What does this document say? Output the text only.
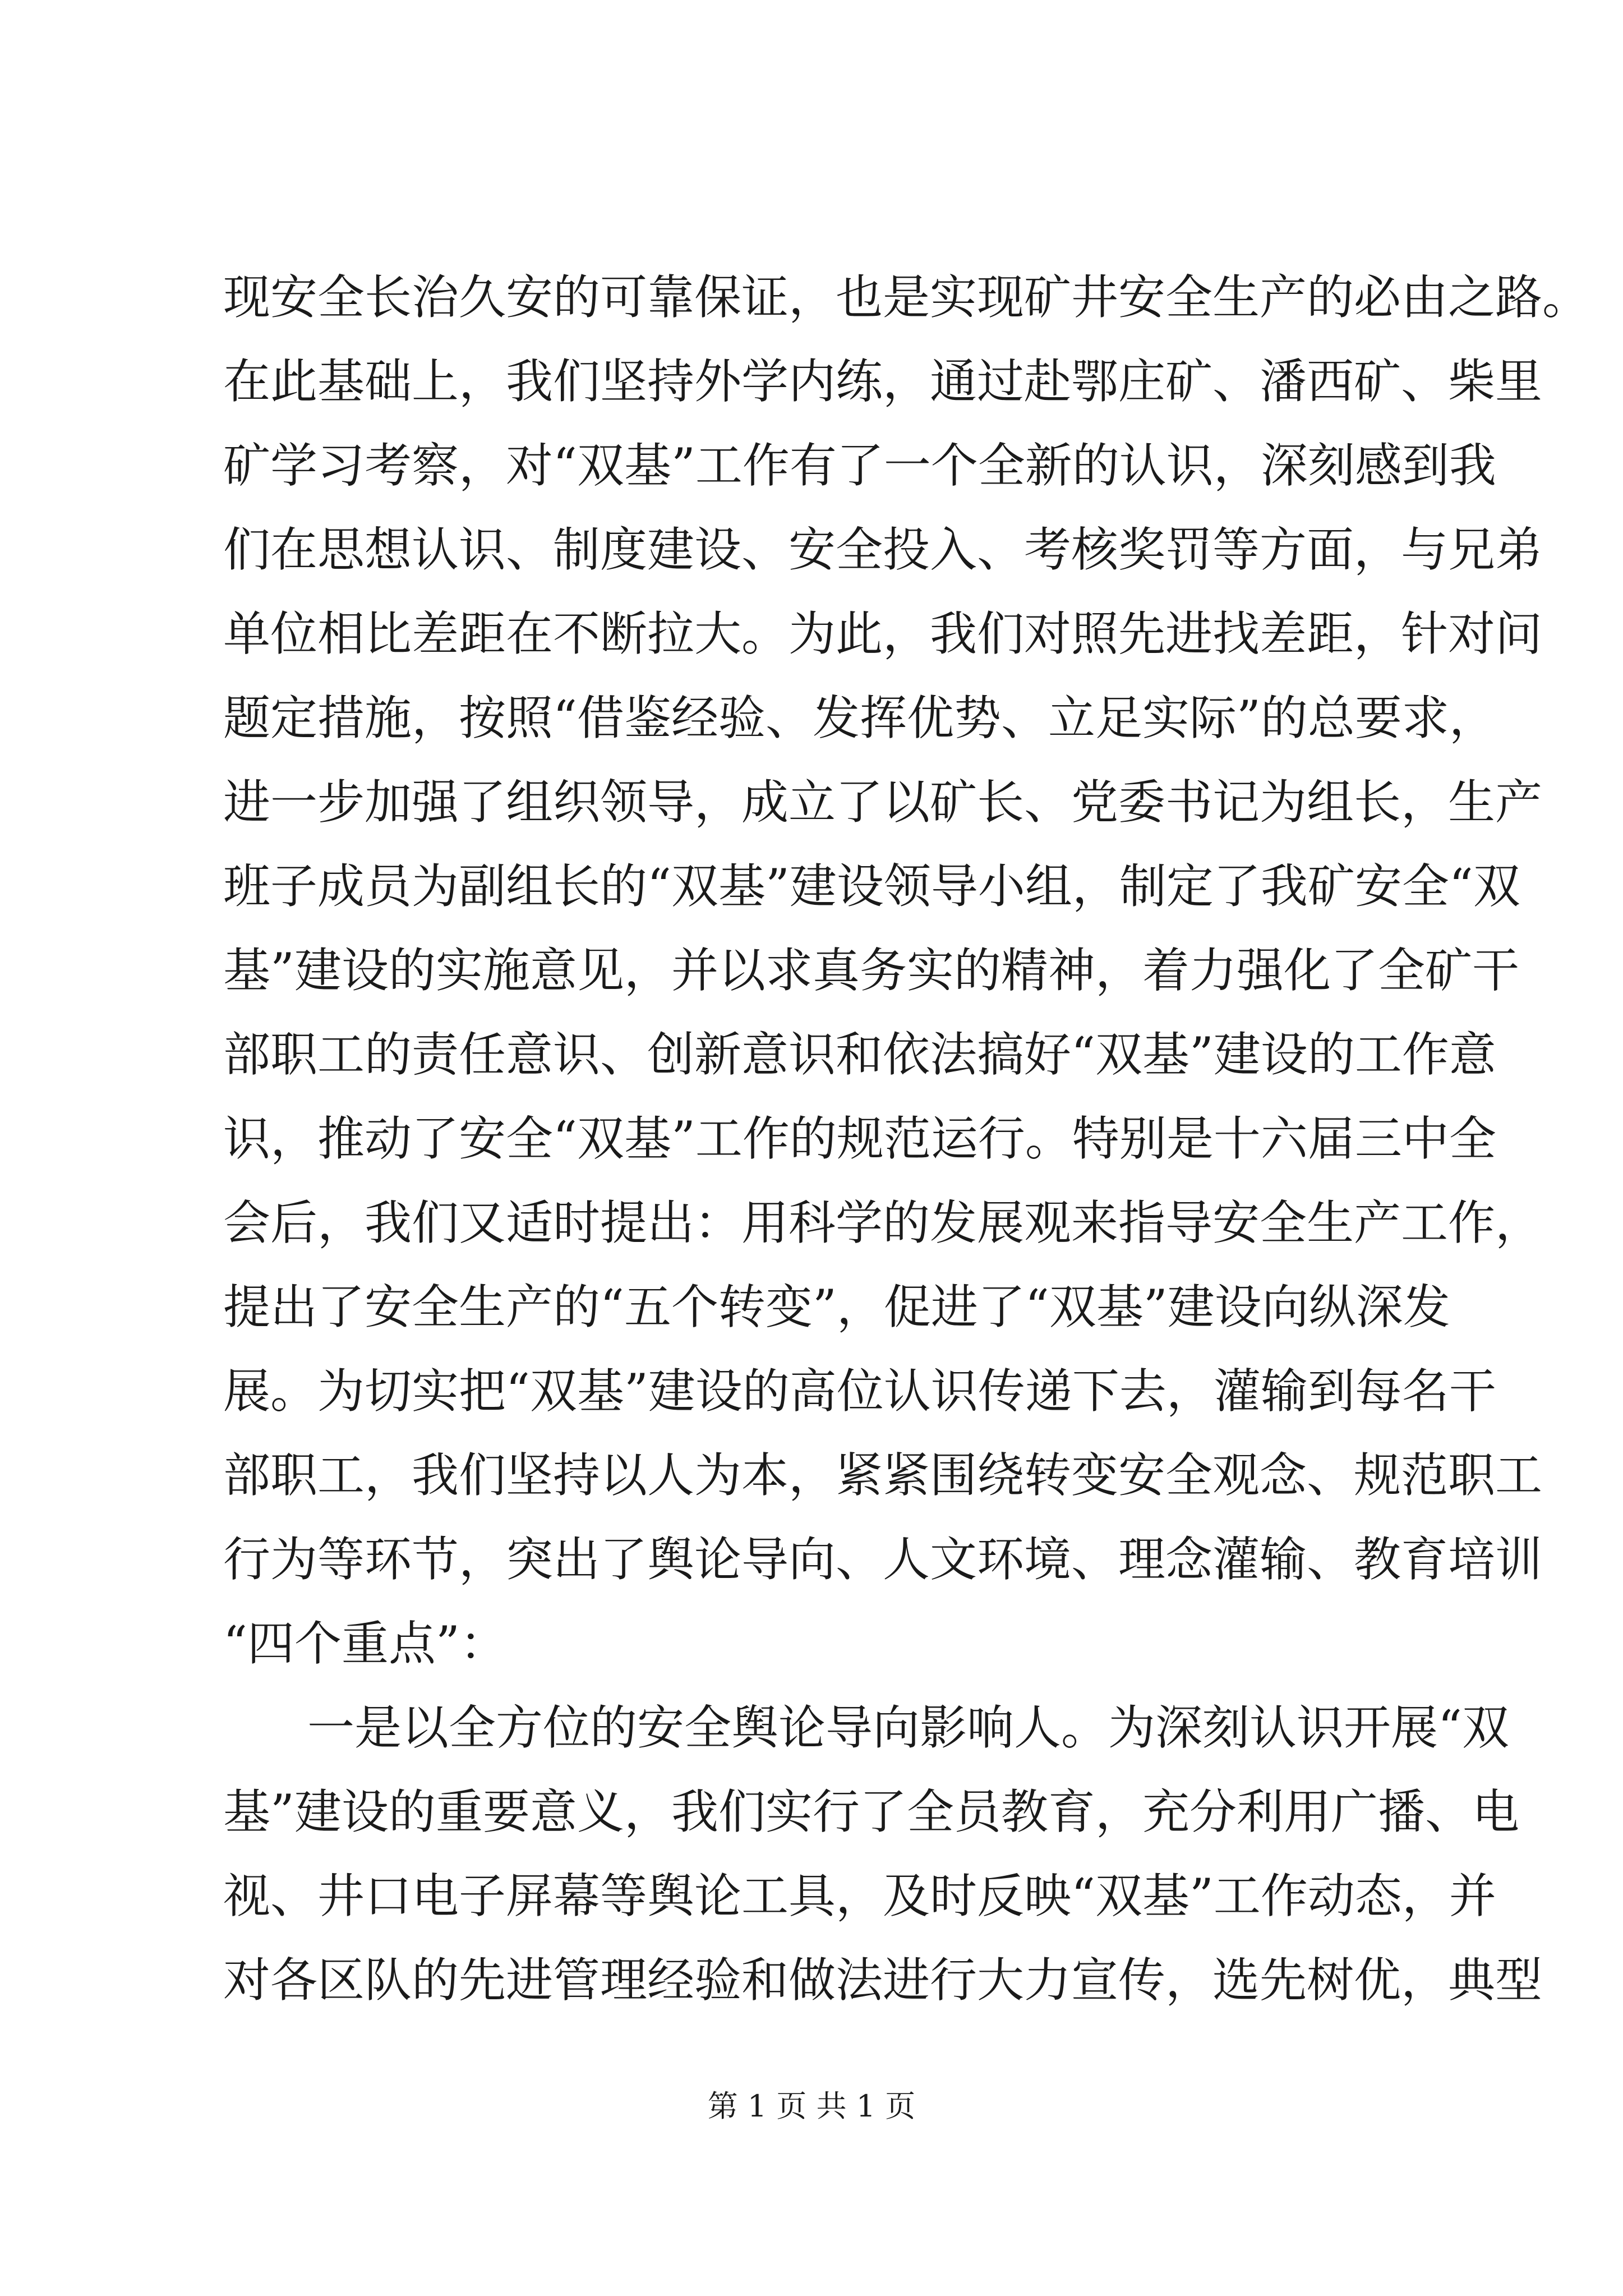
现安全长治久安的可靠保证，也是实现矿井安全生产的必由之路。
在此基础上，我们坚持外学内练，通过赴鄂庄矿、潘西矿、柴里
矿学习考察，对“双基”工作有了一个全新的认识，深刻感到我
们在思想认识、制度建设、安全投入、考核奖罚等方面，与兄弟
单位相比差距在不断拉大。为此，我们对照先进找差距，针对问
题定措施，按照“借鉴经验、发挥优势、立足实际”的总要求，
进一步加强了组织领导，成立了以矿长、党委书记为组长，生产
班子成员为副组长的“双基”建设领导小组，制定了我矿安全“双
基”建设的实施意见，并以求真务实的精神，着力强化了全矿干
部职工的责任意识、创新意识和依法搞好“双基”建设的工作意
识，推动了安全“双基”工作的规范运行。特别是十六届三中全
会后，我们又适时提出：用科学的发展观来指导安全生产工作，
提出了安全生产的“五个转变”，促进了“双基”建设向纵深发
展。为切实把“双基”建设的高位认识传递下去，灌输到每名干
部职工，我们坚持以人为本，紧紧围绕转变安全观念、规范职工
行为等环节，突出了舆论导向、人文环境、理念灌输、教育培训
“四个重点”：
一是以全方位的安全舆论导向影响人。为深刻认识开展“双
基”建设的重要意义，我们实行了全员教育，充分利用广播、电
视、井口电子屏幕等舆论工具，及时反映“双基”工作动态，并
对各区队的先进管理经验和做法进行大力宣传，选先树优，典型
第 1 页 共 1 页
